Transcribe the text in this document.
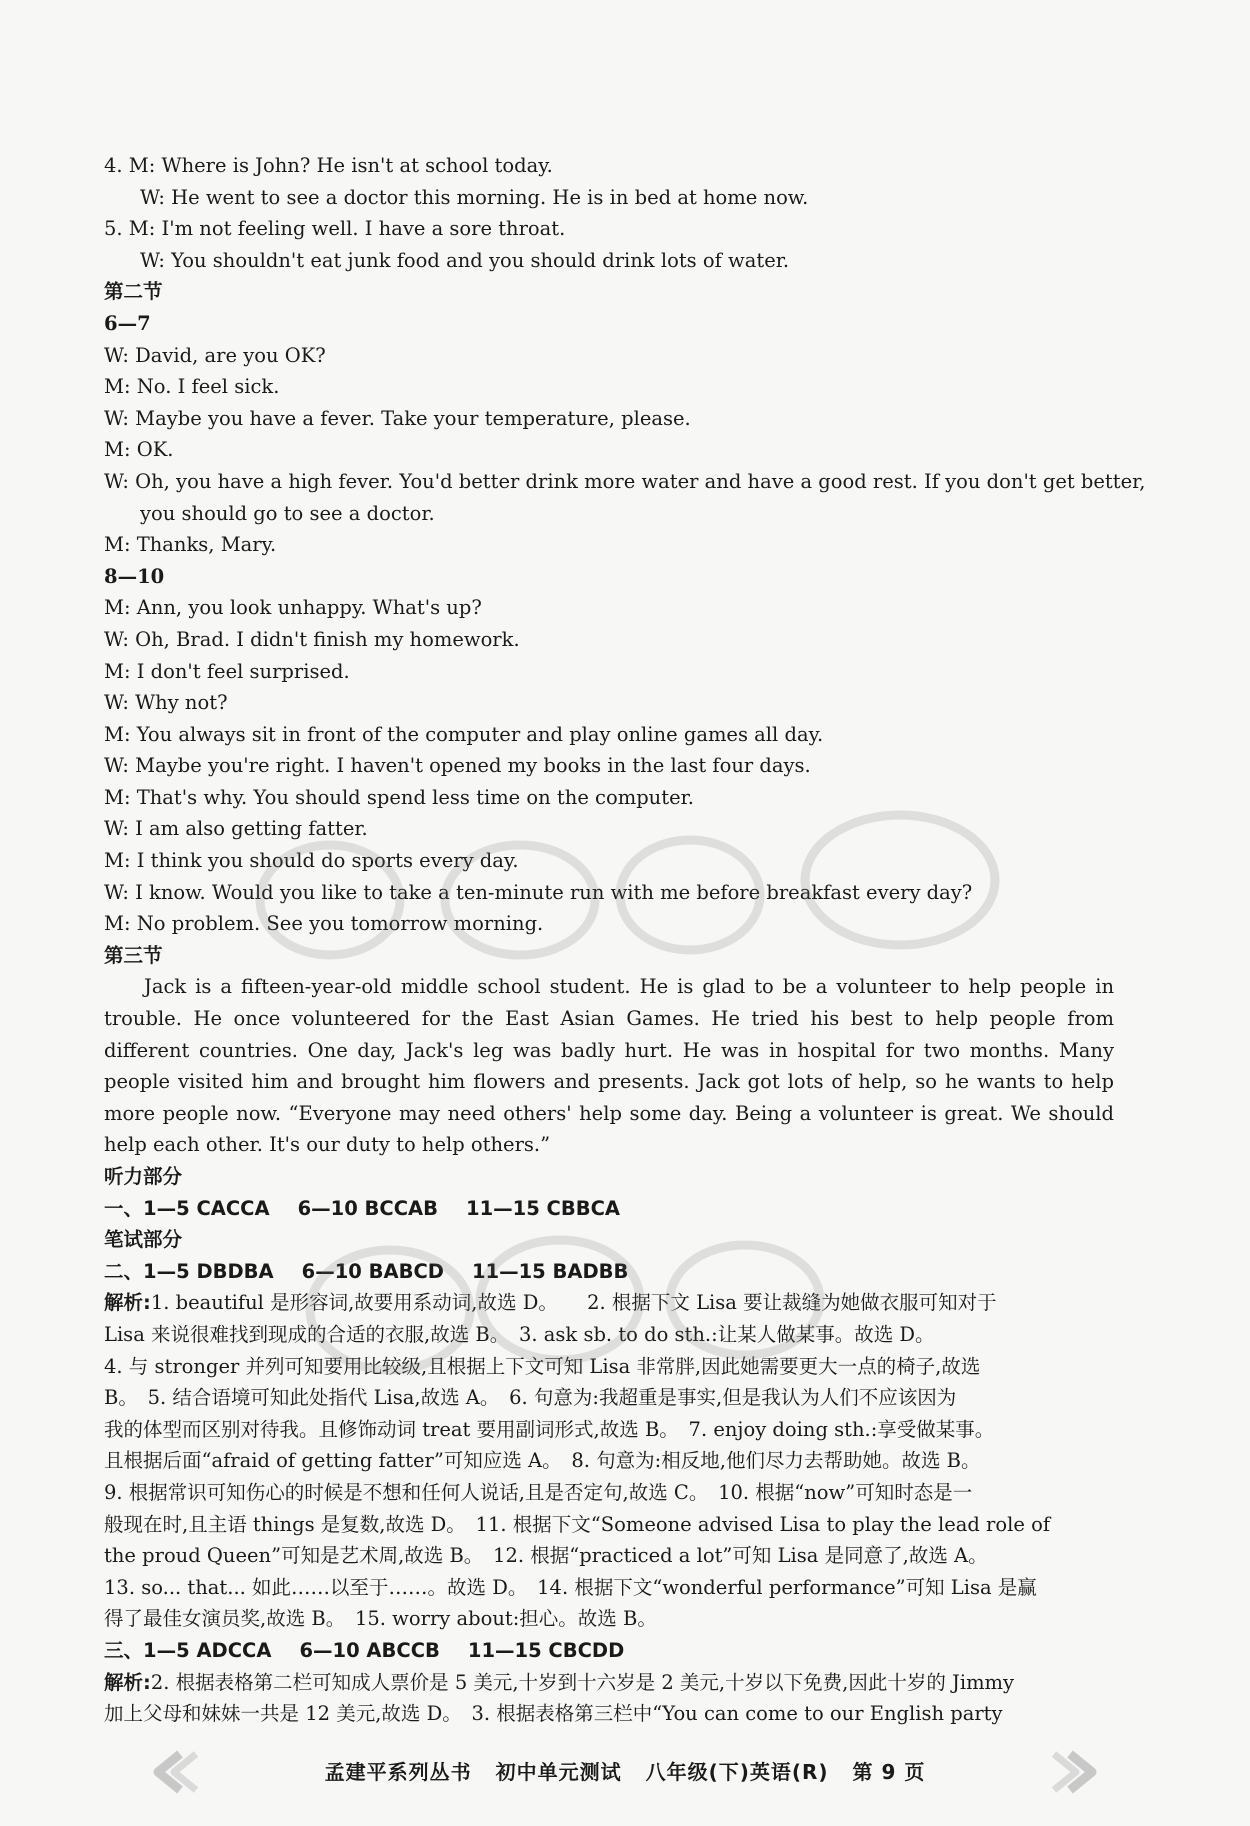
4. M: Where is John? He isn't at school today.
W: He went to see a doctor this morning. He is in bed at home now.
5. M: I'm not feeling well. I have a sore throat.
W: You shouldn't eat junk food and you should drink lots of water.
第二节
6—7
W: David, are you OK?
M: No. I feel sick.
W: Maybe you have a fever. Take your temperature, please.
M: OK.
W: Oh, you have a high fever. You'd better drink more water and have a good rest. If you don't get better,
you should go to see a doctor.
M: Thanks, Mary.
8—10
M: Ann, you look unhappy. What's up?
W: Oh, Brad. I didn't finish my homework.
M: I don't feel surprised.
W: Why not?
M: You always sit in front of the computer and play online games all day.
W: Maybe you're right. I haven't opened my books in the last four days.
M: That's why. You should spend less time on the computer.
W: I am also getting fatter.
M: I think you should do sports every day.
W: I know. Would you like to take a ten-minute run with me before breakfast every day?
M: No problem. See you tomorrow morning.
第三节
Jack is a fifteen-year-old middle school student. He is glad to be a volunteer to help people in trouble. He once volunteered for the East Asian Games. He tried his best to help people from different countries. One day, Jack's leg was badly hurt. He was in hospital for two months. Many people visited him and brought him flowers and presents. Jack got lots of help, so he wants to help more people now. “Everyone may need others' help some day. Being a volunteer is great. We should help each other. It's our duty to help others.”
听力部分
一、1—5 CACCA 6—10 BCCAB 11—15 CBBCA
笔试部分
二、1—5 DBDBA 6—10 BABCD 11—15 BADBB

解析:1. beautiful 是形容词,故要用系动词,故选 D。　　2. 根据下文 Lisa 要让裁缝为她做衣服可知对于

Lisa 来说很难找到现成的合适的衣服,故选 B。　3. ask sb. to do sth.:让某人做某事。故选 D。

4. 与 stronger 并列可知要用比较级,且根据上下文可知 Lisa 非常胖,因此她需要更大一点的椅子,故选

B。　5. 结合语境可知此处指代 Lisa,故选 A。　6. 句意为:我超重是事实,但是我认为人们不应该因为

我的体型而区别对待我。且修饰动词 treat 要用副词形式,故选 B。　7. enjoy doing sth.:享受做某事。

且根据后面“afraid of getting fatter”可知应选 A。　8. 句意为:相反地,他们尽力去帮助她。故选 B。

9. 根据常识可知伤心的时候是不想和任何人说话,且是否定句,故选 C。　10. 根据“now”可知时态是一

般现在时,且主语 things 是复数,故选 D。　11. 根据下文“Someone advised Lisa to play the lead role of

the proud Queen”可知是艺术周,故选 B。　12. 根据“practiced a lot”可知 Lisa 是同意了,故选 A。

13. so... that... 如此……以至于……。故选 D。　14. 根据下文“wonderful performance”可知 Lisa 是赢

得了最佳女演员奖,故选 B。　15. worry about:担心。故选 B。

三、1—5 ADCCA 6—10 ABCCB 11—15 CBCDD

解析:2. 根据表格第二栏可知成人票价是 5 美元,十岁到十六岁是 2 美元,十岁以下免费,因此十岁的 Jimmy

加上父母和妹妹一共是 12 美元,故选 D。　3. 根据表格第三栏中“You can come to our English party

孟建平系列丛书 初中单元测试 八年级(下)英语(R) 第 9 页
